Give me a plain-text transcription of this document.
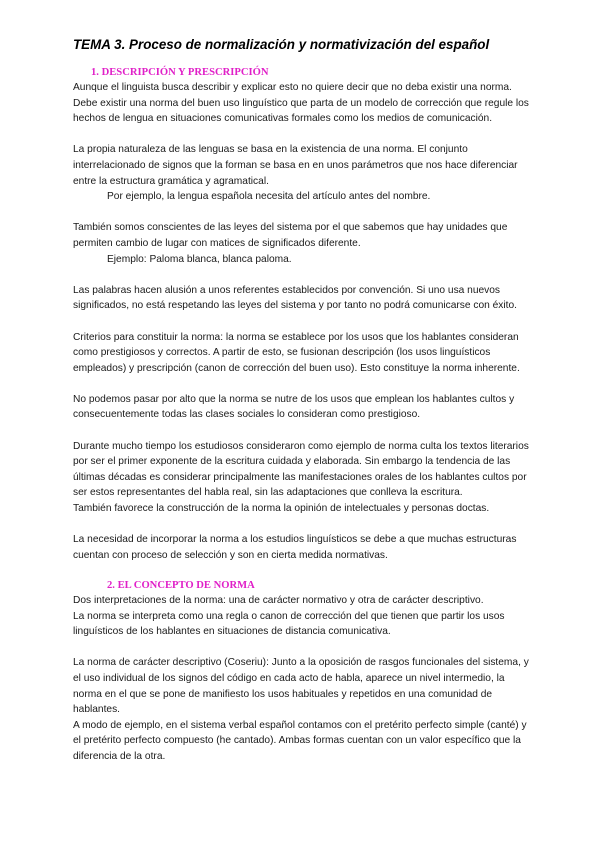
TEMA 3. Proceso de normalización y normativización del español
1. DESCRIPCIÓN Y PRESCRIPCIÓN

Aunque el linguista busca describir y explicar esto no quiere decir que no deba existir una norma. Debe existir una norma del buen uso linguístico que parta de un modelo de corrección que regule los hechos de lengua en situaciones comunicativas formales como los medios de comunicación.

La propia naturaleza de las lenguas se basa en la existencia de una norma. El conjunto interrelacionado de signos que la forman se basa en en unos parámetros que nos hace diferenciar entre la estructura gramática y agramatical.

Por ejemplo, la lengua española necesita del artículo antes del nombre.

También somos conscientes de las leyes del sistema por el que sabemos que hay unidades que permiten cambio de lugar con matices de significados diferente.

Ejemplo: Paloma blanca, blanca paloma.

Las palabras hacen alusión a unos referentes establecidos por convención. Si uno usa nuevos significados, no está respetando las leyes del sistema y por tanto no podrá comunicarse con éxito.

Criterios para constituir la norma: la norma se establece por los usos que los hablantes consideran como prestigiosos y correctos. A partir de esto, se fusionan descripción (los usos linguísticos empleados) y prescripción (canon de corrección del buen uso). Esto constituye la norma inherente.

No podemos pasar por alto que la norma se nutre de los usos que emplean los hablantes cultos y consecuentemente todas las clases sociales lo consideran como prestigioso.

Durante mucho tiempo los estudiosos consideraron como ejemplo de norma culta los textos literarios por ser el primer exponente de la escritura cuidada y elaborada. Sin embargo la tendencia de las últimas décadas es considerar principalmente las manifestaciones orales de los hablantes cultos por ser estos representantes del habla real, sin las adaptaciones que conlleva la escritura.

También favorece la construcción de la norma la opinión de intelectuales y personas doctas.

La necesidad de incorporar la norma a los estudios linguísticos se debe a que muchas estructuras cuentan con proceso de selección y son en cierta medida normativas.

2. EL CONCEPTO DE NORMA

Dos interpretaciones de la norma: una de carácter normativo y otra de carácter descriptivo.

La norma se interpreta como una regla o canon de corrección del que tienen que partir los usos linguísticos de los hablantes en situaciones de distancia comunicativa.

La norma de carácter descriptivo (Coseriu): Junto a la oposición de rasgos funcionales del sistema, y el uso individual de los signos del código en cada acto de habla, aparece un nivel intermedio, la norma en el que se pone de manifiesto los usos habituales y repetidos en una comunidad de hablantes.

A modo de ejemplo, en el sistema verbal español contamos con el pretérito perfecto simple (canté) y el pretérito perfecto compuesto (he cantado). Ambas formas cuentan con un valor específico que la diferencia de la otra.
